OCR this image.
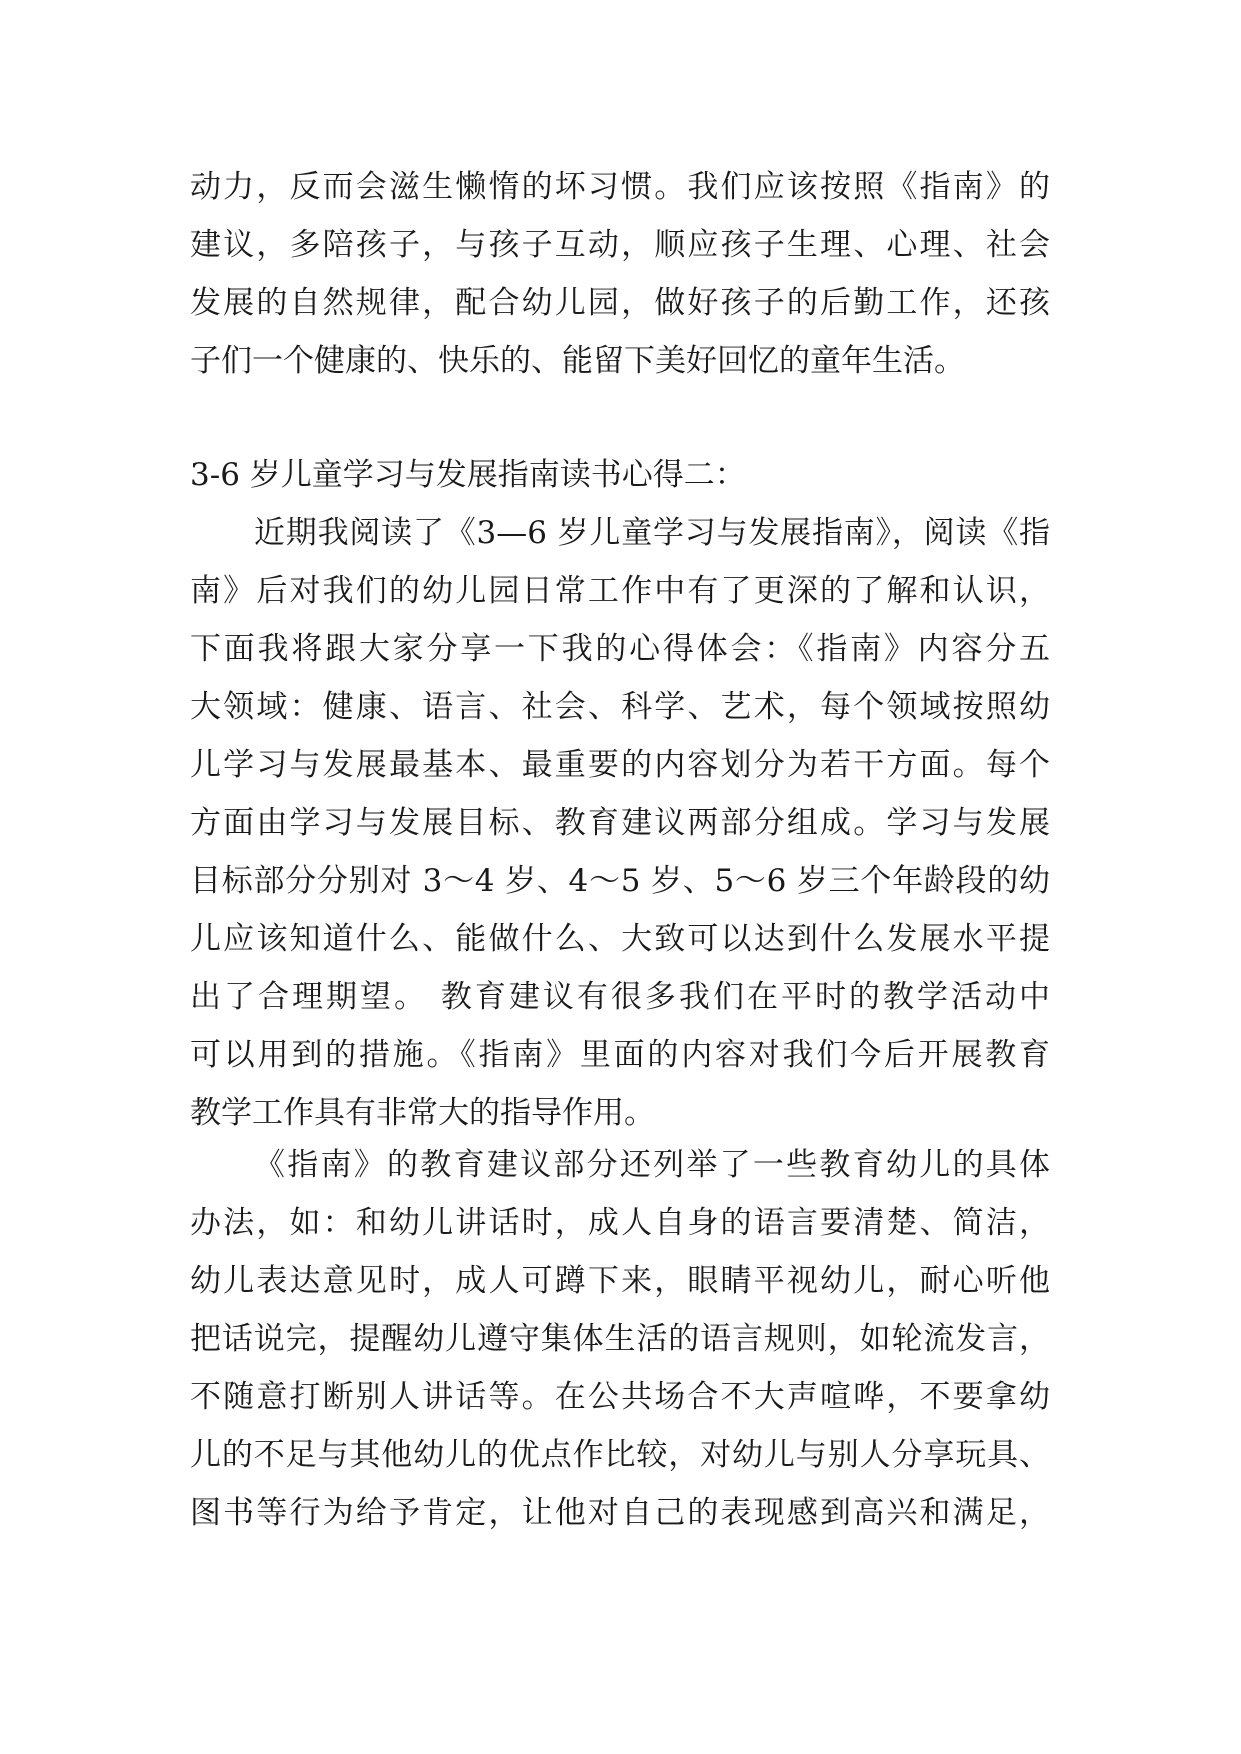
动力，反而会滋生懒惰的坏习惯。我们应该按照《指南》的
建议，多陪孩子，与孩子互动，顺应孩子生理、心理、社会
发展的自然规律，配合幼儿园，做好孩子的后勤工作，还孩
子们一个健康的、快乐的、能留下美好回忆的童年生活。
3-6 岁儿童学习与发展指南读书心得二：
近期我阅读了《3—6 岁儿童学习与发展指南》，阅读《指
南》后对我们的幼儿园日常工作中有了更深的了解和认识，
下面我将跟大家分享一下我的心得体会：《指南》内容分五
大领域：健康、语言、社会、科学、艺术，每个领域按照幼
儿学习与发展最基本、最重要的内容划分为若干方面。每个
方面由学习与发展目标、教育建议两部分组成。学习与发展
目标部分分别对 3～4 岁、4～5 岁、5～6 岁三个年龄段的幼
儿应该知道什么、能做什么、大致可以达到什么发展水平提
出了合理期望。 教育建议有很多我们在平时的教学活动中
可以用到的措施。《指南》里面的内容对我们今后开展教育
教学工作具有非常大的指导作用。
《指南》的教育建议部分还列举了一些教育幼儿的具体
办法，如：和幼儿讲话时，成人自身的语言要清楚、简洁，
幼儿表达意见时，成人可蹲下来，眼睛平视幼儿，耐心听他
把话说完，提醒幼儿遵守集体生活的语言规则，如轮流发言，
不随意打断别人讲话等。在公共场合不大声喧哗，不要拿幼
儿的不足与其他幼儿的优点作比较，对幼儿与别人分享玩具、
图书等行为给予肯定，让他对自己的表现感到高兴和满足，
